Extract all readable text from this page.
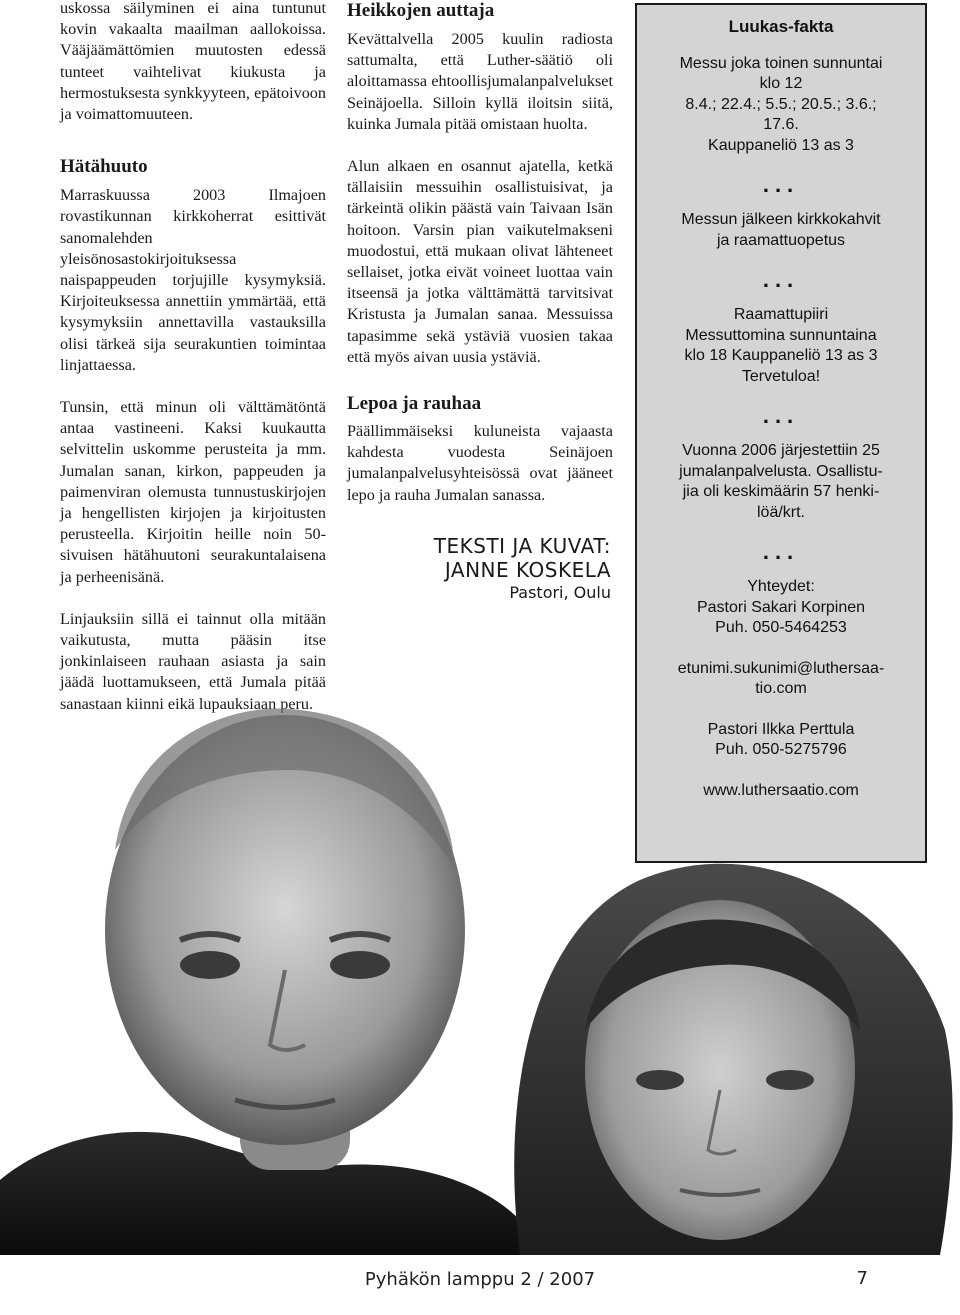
uskossa säilyminen ei aina tuntunut kovin vakaalta maailman aallokoissa. Vääjäämättömien muutosten edessä tunteet vaihtelivat kiukusta ja hermostuksesta synkkyyteen, epätoivoon ja voimattomuuteen.

Hätähuuto

Marraskuussa 2003 Ilmajoen rovastikunnan kirkkoherrat esittivät sanomalehden yleisönosastokirjoituksessa naispappeuden torjujille kysymyksiä. Kirjoiteuksessa annettiin ymmärtää, että kysymyksiin annettavilla vastauksilla olisi tärkeä sija seurakuntien toimintaa linjattaessa.

Tunsin, että minun oli välttämätöntä antaa vastineeni. Kaksi kuukautta selvittelin uskomme perusteita ja mm. Jumalan sanan, kirkon, pappeuden ja paimenviran olemusta tunnustuskirjojen ja hengellisten kirjojen ja kirjoitusten perusteella. Kirjoitin heille noin 50-sivuisen hätähuutoni seurakuntalaisena ja perheenisänä.

Linjauksiin sillä ei tainnut olla mitään vaikutusta, mutta pääsin itse jonkinlaiseen rauhaan asiasta ja sain jäädä luottamukseen, että Jumala pitää sanastaan kiinni eikä lupauksiaan peru.

Heikkojen auttaja

Kevättalvella 2005 kuulin radiosta sattumalta, että Luther-säätiö oli aloittamassa ehtoollisjumalanpalvelukset Seinäjoella. Silloin kyllä iloitsin siitä, kuinka Jumala pitää omistaan huolta.

Alun alkaen en osannut ajatella, ketkä tällaisiin messuihin osallistuisivat, ja tärkeintä olikin päästä vain Taivaan Isän hoitoon. Varsin pian vaikutelmakseni muodostui, että mukaan olivat lähteneet sellaiset, jotka eivät voineet luottaa vain itseensä ja jotka välttämättä tarvitsivat Kristusta ja Jumalan sanaa. Messuissa tapasimme sekä ystäviä vuosien takaa että myös aivan uusia ystäviä.

Lepoa ja rauhaa

Päällimmäiseksi kuluneista vajaasta kahdesta vuodesta Seinäjoen jumalanpalvelusyhteisössä ovat jääneet lepo ja rauha Jumalan sanassa.

TEKSTI JA KUVAT:
JANNE KOSKELA
Pastori, Oulu
Luukas-fakta

Messu joka toinen sunnuntai

klo 12

8.4.; 22.4.; 5.5.; 20.5.; 3.6.;

17.6.

Kauppaneliö 13 as 3

...

Messun jälkeen kirkkokahvit

ja raamattuopetus

...

Raamattupiiri

Messuttomina sunnuntaina

klo 18 Kauppaneliö 13 as 3

Tervetuloa!

...

Vuonna 2006 järjestettiin 25

jumalanpalvelusta. Osallistu-

jia oli keskimäärin 57 henki-

löä/krt.

...

Yhteydet:

Pastori Sakari Korpinen

Puh. 050-5464253

etunimi.sukunimi@luthersaa-

tio.com

Pastori Ilkka Perttula

Puh. 050-5275796

www.luthersaatio.com

Pyhäkön lamppu 2 / 2007	7
